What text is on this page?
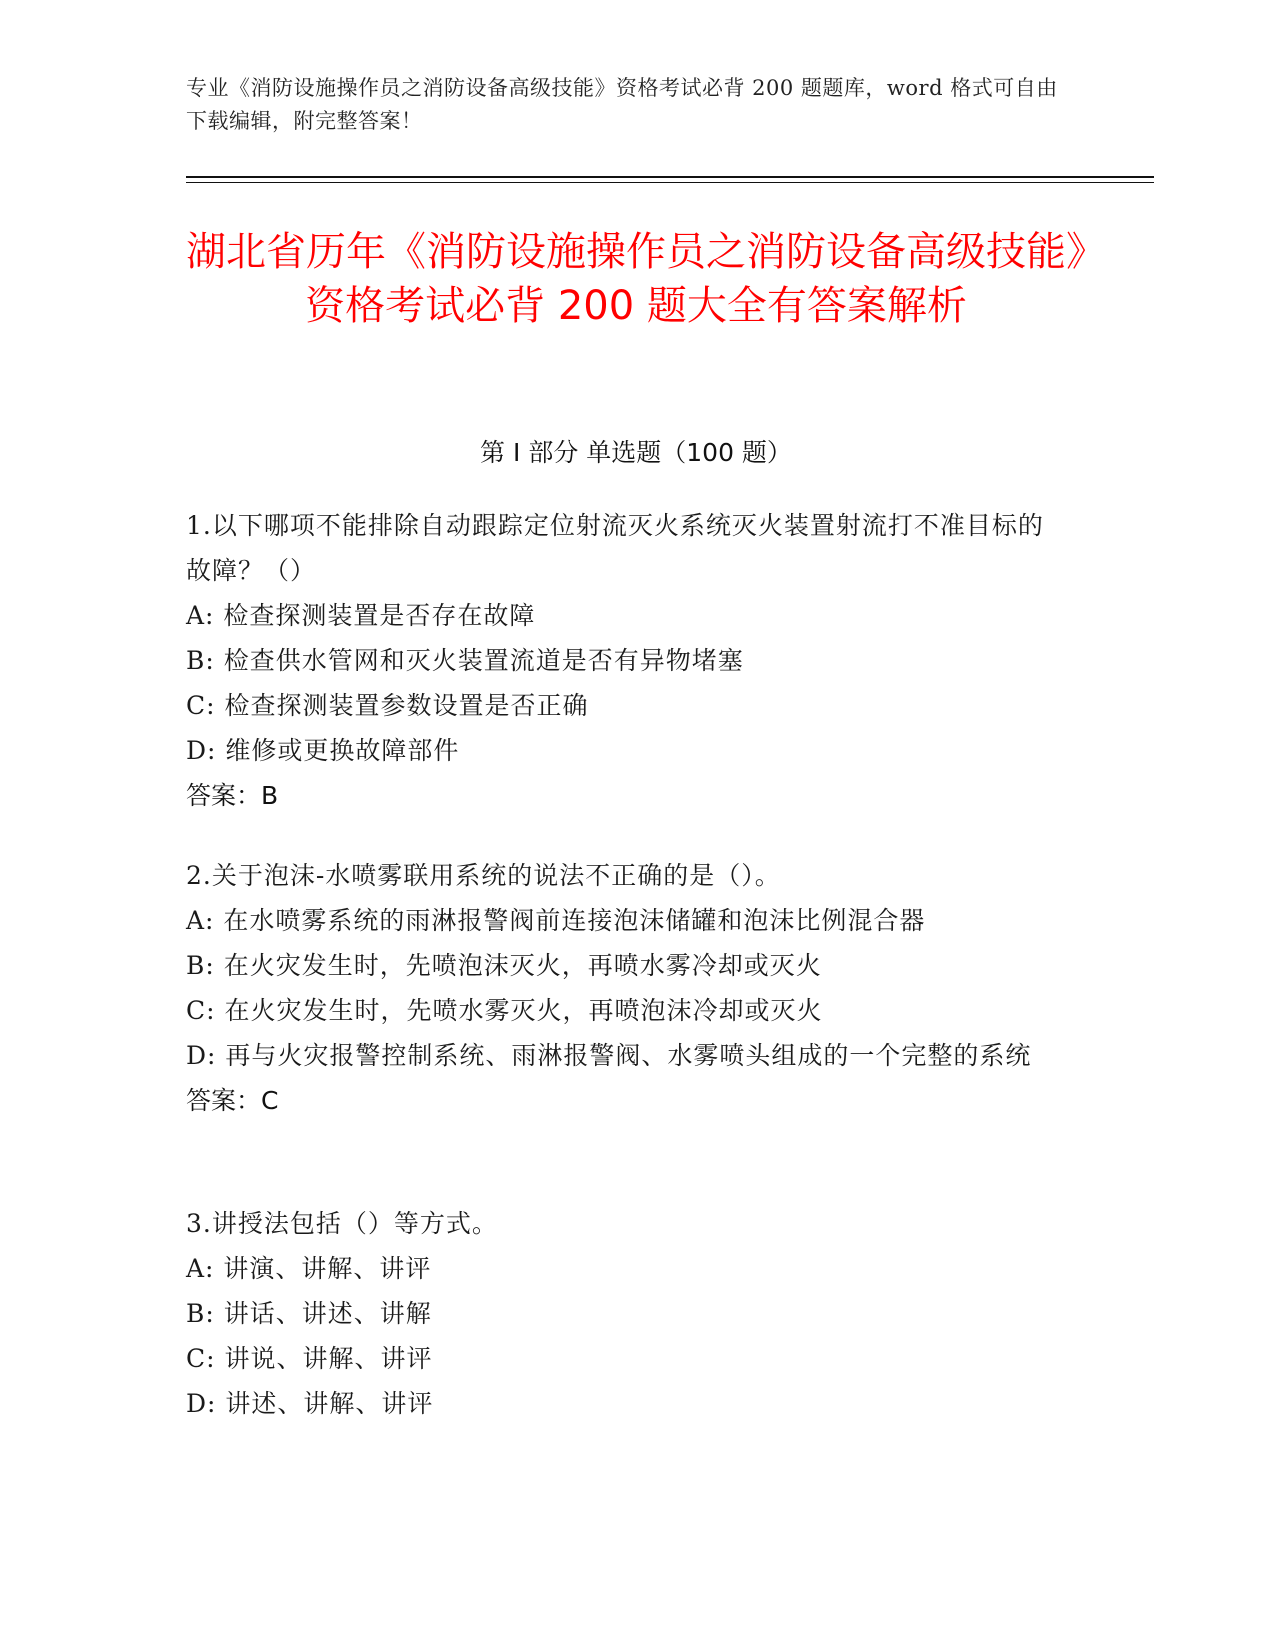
专业《消防设施操作员之消防设备高级技能》资格考试必背 200 题题库，word 格式可自由下载编辑，附完整答案！
湖北省历年《消防设施操作员之消防设备高级技能》资格考试必背 200 题大全有答案解析
第 I 部分 单选题（100 题）
1.以下哪项不能排除自动跟踪定位射流灭火系统灭火装置射流打不准目标的故障？（）
A: 检查探测装置是否存在故障
B: 检查供水管网和灭火装置流道是否有异物堵塞
C: 检查探测装置参数设置是否正确
D: 维修或更换故障部件
答案：B
2.关于泡沫-水喷雾联用系统的说法不正确的是（）。
A: 在水喷雾系统的雨淋报警阀前连接泡沫储罐和泡沫比例混合器
B: 在火灾发生时，先喷泡沫灭火，再喷水雾冷却或灭火
C: 在火灾发生时，先喷水雾灭火，再喷泡沫冷却或灭火
D: 再与火灾报警控制系统、雨淋报警阀、水雾喷头组成的一个完整的系统
答案：C
3.讲授法包括（）等方式。
A: 讲演、讲解、讲评
B: 讲话、讲述、讲解
C: 讲说、讲解、讲评
D: 讲述、讲解、讲评
